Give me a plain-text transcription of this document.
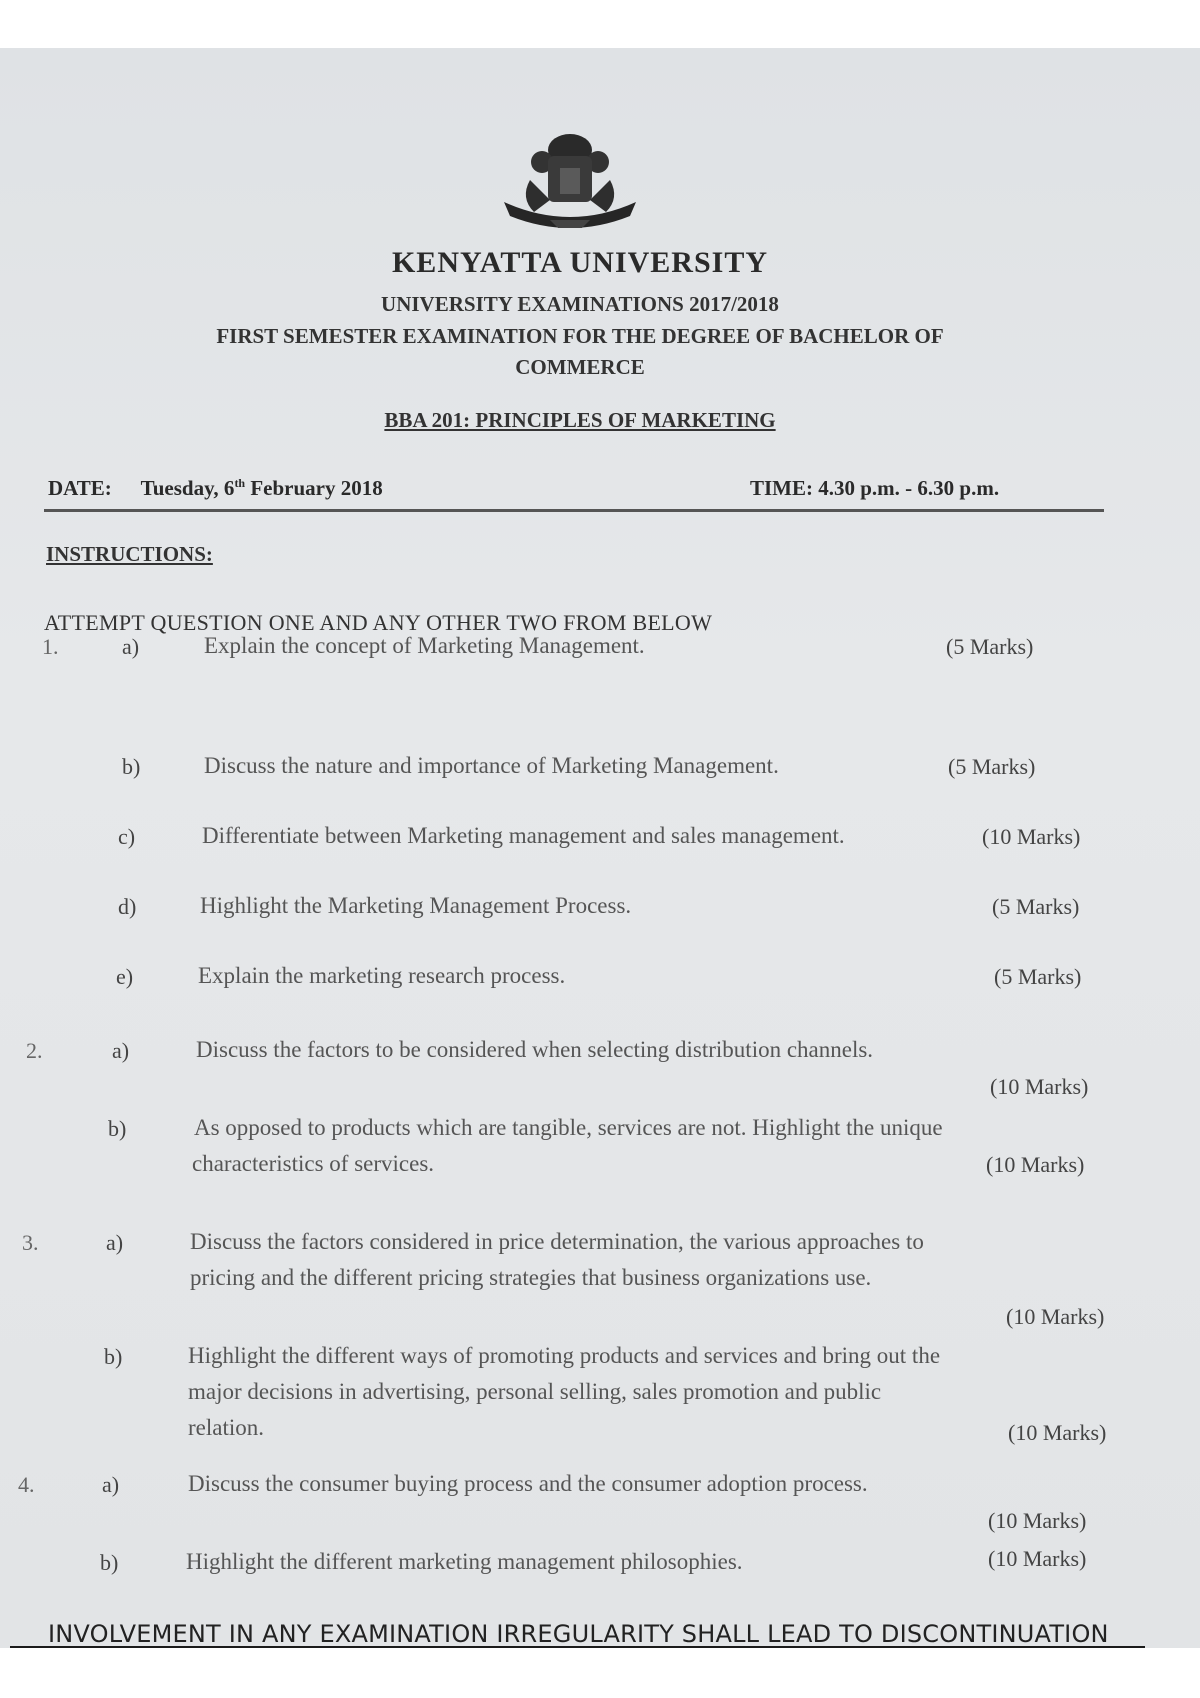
KENYATTA UNIVERSITY
UNIVERSITY EXAMINATIONS 2017/2018
FIRST SEMESTER EXAMINATION FOR THE DEGREE OF BACHELOR OF
COMMERCE
BBA 201: PRINCIPLES OF MARKETING
DATE: Tuesday, 6th February 2018	TIME: 4.30 p.m. - 6.30 p.m.
INSTRUCTIONS:
ATTEMPT QUESTION ONE AND ANY OTHER TWO FROM BELOW
1.	a)	Explain the concept of Marketing Management.	(5 Marks)
b)	Discuss the nature and importance of Marketing Management.	(5 Marks)
c)	Differentiate between Marketing management and sales management.	(10 Marks)
d)	Highlight the Marketing Management Process.	(5 Marks)
e)	Explain the marketing research process.	(5 Marks)
2.	a)	Discuss the factors to be considered when selecting distribution channels.
(10 Marks)
b)	As opposed to products which are tangible, services are not. Highlight the unique
characteristics of services.	(10 Marks)
3.	a)	Discuss the factors considered in price determination, the various approaches to
pricing and the different pricing strategies that business organizations use.
(10 Marks)
b)	Highlight the different ways of promoting products and services and bring out the
major decisions in advertising, personal selling, sales promotion and public
relation.	(10 Marks)
4.	a)	Discuss the consumer buying process and the consumer adoption process.
(10 Marks)
b)	Highlight the different marketing management philosophies.	(10 Marks)
INVOLVEMENT IN ANY EXAMINATION IRREGULARITY SHALL LEAD TO DISCONTINUATION
